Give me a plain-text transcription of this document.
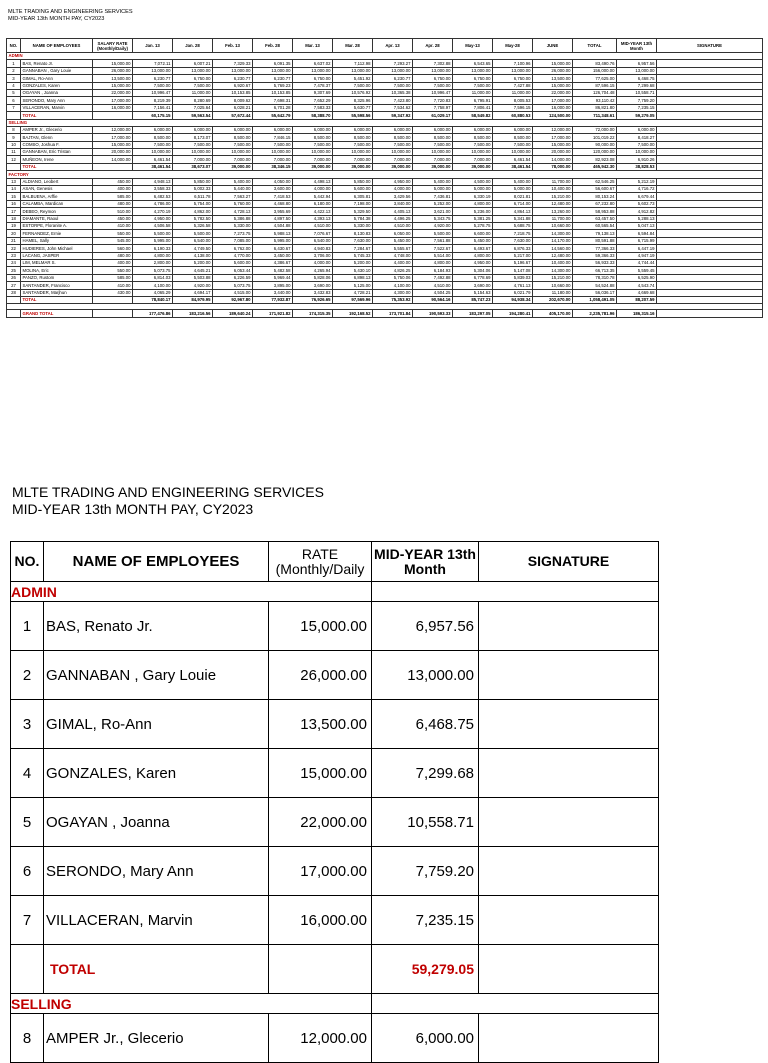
MLTE TRADING AND ENGINEERING SERVICES
MID-YEAR 13th MONTH PAY, CY2023
NO.	NAME OF EMPLOYEES	SALARY RATE (Monthly/Daily)	Jan. 13	Jan. 28	Feb. 13	Feb. 28	Mar. 13	Mar. 28	Apr. 13	Apr. 28	May-13	May-28	JUNE	TOTAL	MID-YEAR 13th Month	SIGNATURE
ADMIN																
1	BAS, Renato Jr.	15,000.00	7,072.11	6,007.21	7,329.33	6,091.35	6,637.02	7,112.98	7,293.27	7,302.88	6,543.65	7,100.96	15,000.00	83,490.76	6,957.56	
2	GANNABAN , Gary Louie	26,000.00	13,000.00	13,000.00	13,000.00	13,000.00	13,000.00	13,000.00	13,000.00	13,000.00	13,000.00	13,000.00	26,000.00	156,000.00	13,000.00	
3	GIMAL, Ro-Ann	13,500.00	6,230.77	6,750.00	6,230.77	6,230.77	6,750.00	5,451.92	6,230.77	6,750.00	6,750.00	6,750.00	13,500.00	77,625.00	6,468.75	
4	GONZALES, Karen	15,000.00	7,500.00	7,500.00	6,920.67	5,769.23	7,478.37	7,500.00	7,500.00	7,500.00	7,500.00	7,427.88	15,000.00	87,596.15	7,299.68	
5	OGAYAN , Joanna	22,000.00	10,996.47	11,000.00	10,153.85	10,153.85	9,307.69	10,576.92	10,365.38	10,996.47	11,000.00	11,000.00	22,000.00	126,704.48	10,558.71	
6	SERONDO, Mary Ann	17,000.00	8,219.39	8,280.69	8,009.62	7,698.31	7,652.29	8,325.96	7,423.80	7,720.83	6,795.91	8,005.53	17,000.00	93,110.42	7,759.20	
7	VILLACERAN, Marvin	16,000.00	7,156.41	7,025.64	6,028.21	6,701.28	7,583.33	5,630.77	7,534.62	7,758.97	7,806.41	7,596.15	16,000.00	86,821.80	7,235.15	
	TOTAL		60,175.15	59,563.54	57,672.44	55,642.79	58,388.70	55,598.56	59,347.92	61,029.17	58,549.82	60,880.53	124,500.00	711,348.61	59,279.05	
SELLING																
8	AMPER Jr., Glecerio	12,000.00	6,000.00	6,000.00	6,000.00	6,000.00	6,000.00	6,000.00	6,000.00	6,000.00	6,000.00	6,000.00	12,000.00	72,000.00	6,000.00	
9	BAJTAN, Glenn	17,000.00	8,500.00	8,173.07	8,500.00	7,846.15	8,500.00	8,500.00	8,500.00	8,500.00	8,500.00	8,500.00	17,000.00	101,019.22	8,418.27	
10	COMSO, Joshua F.	15,000.00	7,500.00	7,500.00	7,500.00	7,500.00	7,500.00	7,500.00	7,500.00	7,500.00	7,500.00	7,500.00	15,000.00	90,000.00	7,500.00	
11	GANNABAN, Eric Tristan	20,000.00	10,000.00	10,000.00	10,000.00	10,000.00	10,000.00	10,000.00	10,000.00	10,000.00	10,000.00	10,000.00	20,000.00	120,000.00	10,000.00	
12	MUÑEON, Irene	14,000.00	6,461.54	7,000.00	7,000.00	7,000.00	7,000.00	7,000.00	7,000.00	7,000.00	7,000.00	6,461.54	14,000.00	82,923.08	6,910.26	
	TOTAL		38,461.54	38,673.07	39,000.00	38,346.15	39,000.00	39,000.00	39,000.00	39,000.00	39,000.00	38,461.54	78,000.00	465,942.30	38,828.53	
FACTORY																
13	ALDIANO, Leobert	450.00	4,948.13	5,850.00	5,400.00	4,050.00	4,498.13	5,850.00	4,950.00	5,400.00	4,500.00	5,400.00	11,700.00	62,546.25	5,212.19	
14	ASAN, Genesis	400.00	3,558.33	5,002.33	5,440.00	3,600.00	4,000.00	5,600.00	4,000.00	5,000.00	5,000.00	5,000.00	10,400.00	56,600.67	4,716.72	
15	BALBUENA, Arffie	585.00	6,482.53	6,511.78	7,563.27	7,418.53	5,442.94	6,305.81	3,429.56	7,436.81	6,330.19	8,021.81	15,210.00	80,153.24	6,679.44	
16	CALAMBA, Mardican	480.00	4,786.00	5,754.00	5,760.00	4,468.80	6,180.00	7,198.00	3,840.00	5,252.00	4,800.00	6,714.00	12,480.00	67,232.80	5,602.73	
17	DEBEO, Reymon	510.00	4,270.19	4,862.00	4,728.13	3,955.69	4,422.13	5,329.50	4,405.13	3,621.00	5,236.00	4,864.13	13,260.00	58,953.88	4,912.82	
18	DIAMANTE, Raoul	450.00	4,950.00	5,782.50	5,386.88	4,897.50	4,393.13	5,784.38	4,496.25	5,343.75	5,381.25	5,341.88	11,700.00	63,457.50	5,288.13	
19	ESTORPE, Floranite A.	410.00	4,506.58	5,326.58	5,330.00	4,504.88	4,510.00	5,330.00	4,510.00	4,920.00	5,278.75	5,688.75	10,660.00	60,565.54	5,047.13	
20	FERNANDEZ, Ernie	550.00	5,500.00	5,500.00	7,273.75	5,988.13	7,076.67	8,130.83	6,050.00	5,500.00	6,600.00	7,218.75	14,300.00	79,138.13	6,594.84	
21	HAMEL, Sally	545.00	5,995.00	6,540.00	7,085.00	5,995.00	6,540.00	7,630.00	5,450.00	7,561.88	5,450.00	7,630.00	14,170.00	80,591.88	6,715.99	
22	HUDIERES, John Michael	560.00	6,190.33	4,749.50	6,762.00	6,430.67	4,940.83	7,284.67	5,555.67	7,522.67	6,493.67	6,876.33	14,560.00	77,366.33	6,447.19	
23	LACANG, JASPER	480.00	4,800.00	4,138.00	4,770.00	3,450.00	3,706.00	5,745.33	4,748.00	5,514.00	4,800.00	5,217.00	12,480.00	59,366.33	4,947.19	
24	LIM, MELMAR S.	400.00	2,800.00	5,200.00	5,600.00	4,386.67	4,000.00	5,200.00	4,400.00	4,800.00	4,950.00	5,196.67	10,400.00	56,933.33	4,744.44	
25	MOLINA, Eric	550.00	5,073.75	4,645.21	6,053.44	5,482.58	4,265.94	5,430.10	4,826.25	6,184.93	5,304.06	5,147.08	14,300.00	66,713.35	5,559.45	
26	PANZO, Rustom	585.00	6,814.03	5,503.88	6,226.59	5,969.44	5,828.06	6,898.13	5,750.06	7,492.88	6,778.69	5,839.03	15,210.00	78,310.78	6,525.90	
27	SANTANDER, Francisco	410.00	4,100.00	4,920.00	5,073.75	3,895.00	3,690.00	5,125.00	4,100.00	4,510.00	3,690.00	4,761.13	10,660.00	54,524.88	4,543.74	
28	SANTANDER, Marjhun	430.00	4,065.29	4,694.17	4,515.00	3,440.00	3,432.83	4,728.21	4,300.00	4,504.25	5,154.63	6,021.79	11,180.00	56,036.17	4,669.68	
	TOTAL		78,840.17	84,979.95	92,967.80	77,932.87	76,926.65	97,569.96	75,353.92	90,564.16	85,747.23	94,938.34	202,670.00	1,058,491.05	88,207.59	

	GRAND TOTAL		177,476.86	183,216.56	189,640.24	171,921.82	174,315.35	192,168.52	173,701.84	190,593.33	183,297.05	194,280.41	405,170.00	2,235,781.96	186,315.16	
MLTE TRADING AND ENGINEERING SERVICES
MID-YEAR 13th MONTH PAY, CY2023
NO.	NAME OF EMPLOYEES	RATE (Monthly/Daily	MID-YEAR 13th Month	SIGNATURE
ADMIN				
1	BAS, Renato Jr.	15,000.00	6,957.56	
2	GANNABAN , Gary Louie	26,000.00	13,000.00	
3	GIMAL, Ro-Ann	13,500.00	6,468.75	
4	GONZALES, Karen	15,000.00	7,299.68	
5	OGAYAN , Joanna	22,000.00	10,558.71	
6	SERONDO, Mary Ann	17,000.00	7,759.20	
7	VILLACERAN, Marvin	16,000.00	7,235.15	
	TOTAL		59,279.05	
SELLING				
8	AMPER Jr., Glecerio	12,000.00	6,000.00	
